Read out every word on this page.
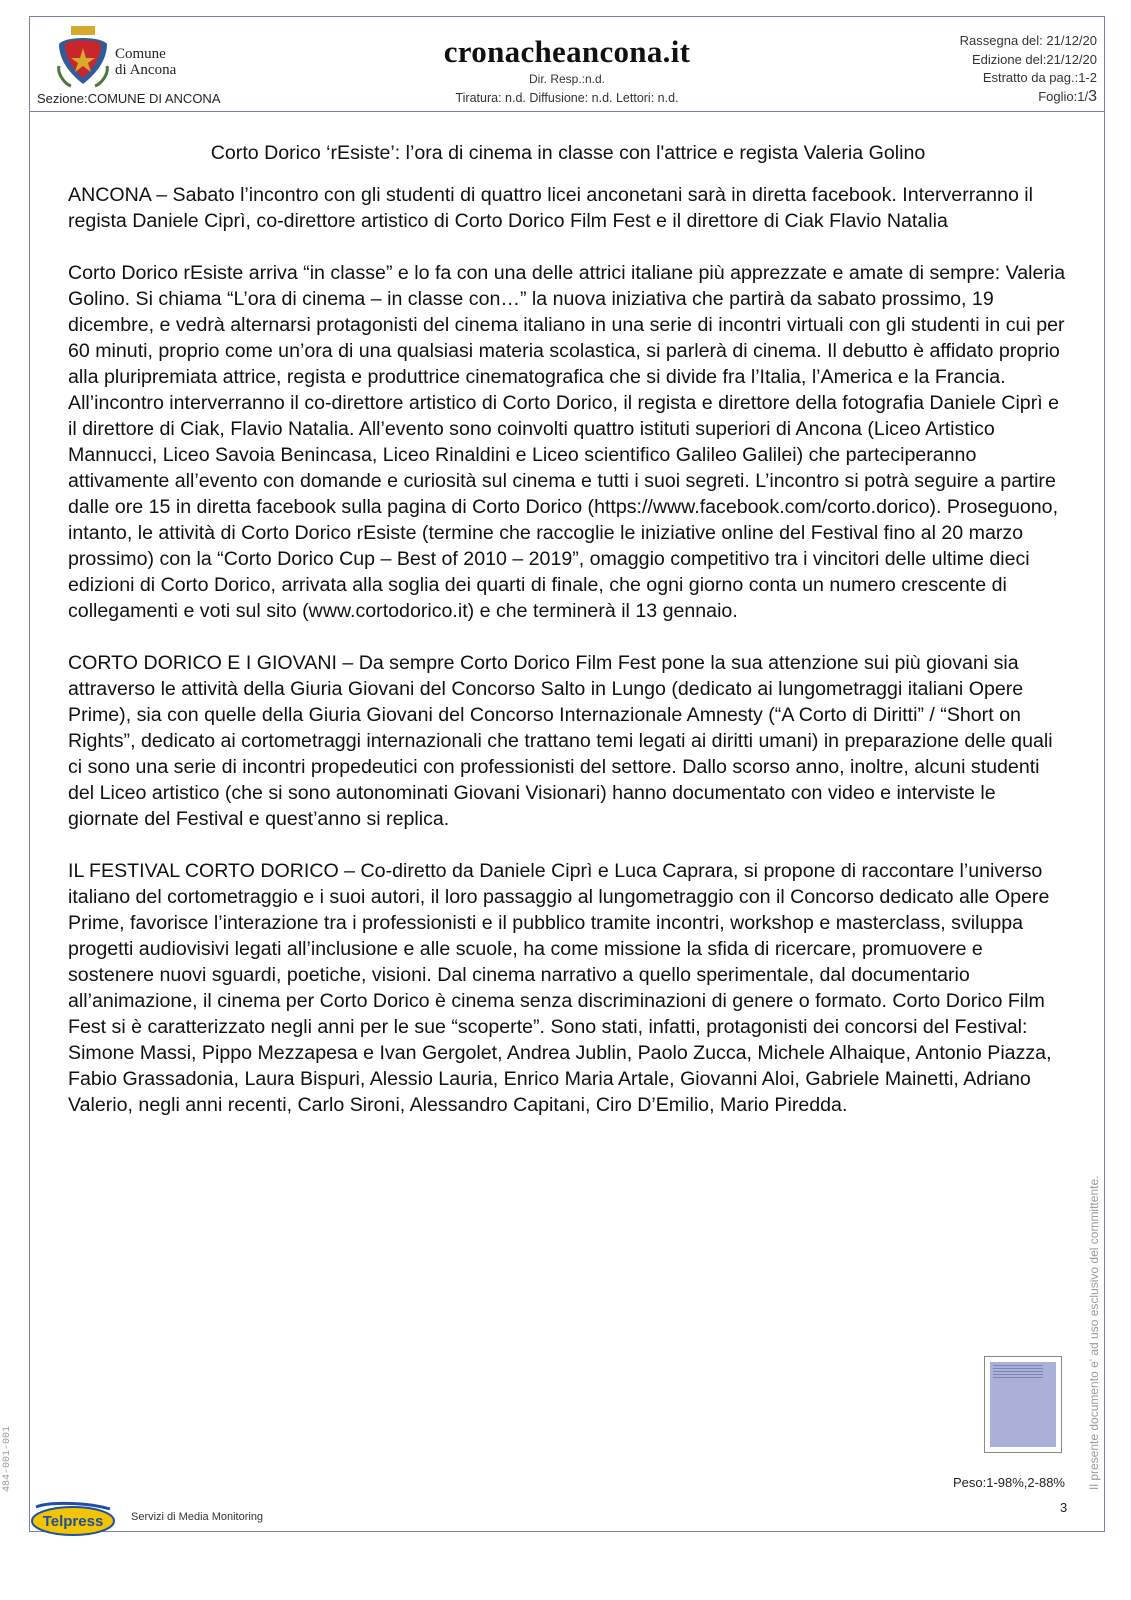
Comune
di Ancona
Sezione:COMUNE DI ANCONA
cronacheancona.it
Dir. Resp.:n.d.
Tiratura: n.d. Diffusione: n.d. Lettori: n.d.
Rassegna del: 21/12/20
Edizione del:21/12/20
Estratto da pag.:1-2
Foglio:1/3
Corto Dorico ‘rEsiste’: l’ora di cinema in classe con l'attrice e regista Valeria Golino

ANCONA – Sabato l’incontro con gli studenti di quattro licei anconetani sarà in diretta facebook. Interverranno il regista Daniele Ciprì, co-direttore artistico di Corto Dorico Film Fest e il direttore di Ciak Flavio Natalia

Corto Dorico rEsiste arriva “in classe” e lo fa con una delle attrici italiane più apprezzate e amate di sempre: Valeria Golino. Si chiama “L’ora di cinema – in classe con…” la nuova iniziativa che partirà da sabato prossimo, 19 dicembre, e vedrà alternarsi protagonisti del cinema italiano in una serie di incontri virtuali con gli studenti in cui per 60 minuti, proprio come un’ora di una qualsiasi materia scolastica, si parlerà di cinema. Il debutto è affidato proprio alla pluripremiata attrice, regista e produttrice cinematografica che si divide fra l’Italia, l’America e la Francia. All’incontro interverranno il co-direttore artistico di Corto Dorico, il regista e direttore della fotografia Daniele Ciprì e il direttore di Ciak, Flavio Natalia. All’evento sono coinvolti quattro istituti superiori di Ancona (Liceo Artistico Mannucci, Liceo Savoia Benincasa, Liceo Rinaldini e Liceo scientifico Galileo Galilei) che parteciperanno attivamente all’evento con domande e curiosità sul cinema e tutti i suoi segreti. L’incontro si potrà seguire a partire dalle ore 15 in diretta facebook sulla pagina di Corto Dorico (https://www.facebook.com/corto.dorico). Proseguono, intanto, le attività di Corto Dorico rEsiste (termine che raccoglie le iniziative online del Festival fino al 20 marzo prossimo) con la “Corto Dorico Cup – Best of 2010 – 2019”, omaggio competitivo tra i vincitori delle ultime dieci edizioni di Corto Dorico, arrivata alla soglia dei quarti di finale, che ogni giorno conta un numero crescente di collegamenti e voti sul sito (www.cortodorico.it) e che terminerà il 13 gennaio.

CORTO DORICO E I GIOVANI – Da sempre Corto Dorico Film Fest pone la sua attenzione sui più giovani sia attraverso le attività della Giuria Giovani del Concorso Salto in Lungo (dedicato ai lungometraggi italiani Opere Prime), sia con quelle della Giuria Giovani del Concorso Internazionale Amnesty (“A Corto di Diritti” / “Short on Rights”, dedicato ai cortometraggi internazionali che trattano temi legati ai diritti umani) in preparazione delle quali ci sono una serie di incontri propedeutici con professionisti del settore. Dallo scorso anno, inoltre, alcuni studenti del Liceo artistico (che si sono autonominati Giovani Visionari) hanno documentato con video e interviste le giornate del Festival e quest’anno si replica.

IL FESTIVAL CORTO DORICO – Co-diretto da Daniele Ciprì e Luca Caprara, si propone di raccontare l’universo italiano del cortometraggio e i suoi autori, il loro passaggio al lungometraggio con il Concorso dedicato alle Opere Prime, favorisce l’interazione tra i professionisti e il pubblico tramite incontri, workshop e masterclass, sviluppa progetti audiovisivi legati all’inclusione e alle scuole, ha come missione la sfida di ricercare, promuovere e sostenere nuovi sguardi, poetiche, visioni. Dal cinema narrativo a quello sperimentale, dal documentario all’animazione, il cinema per Corto Dorico è cinema senza discriminazioni di genere o formato. Corto Dorico Film Fest si è caratterizzato negli anni per le sue “scoperte”. Sono stati, infatti, protagonisti dei concorsi del Festival: Simone Massi, Pippo Mezzapesa e Ivan Gergolet, Andrea Jublin, Paolo Zucca, Michele Alhaique, Antonio Piazza, Fabio Grassadonia, Laura Bispuri, Alessio Lauria, Enrico Maria Artale, Giovanni Aloi, Gabriele Mainetti, Adriano Valerio, negli anni recenti, Carlo Sironi, Alessandro Capitani, Ciro D’Emilio, Mario Piredda.

Peso:1-98%,2-88% Il presente documento e' ad uso esclusivo del committente.
484-001-001
Telpress	Servizi di Media Monitoring
3
